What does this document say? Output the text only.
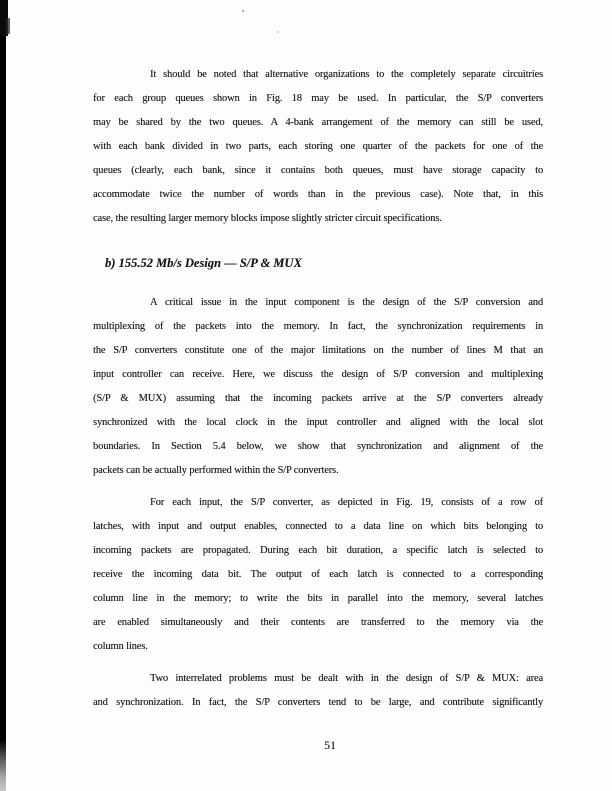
It should be noted that alternative organizations to the completely separate circuitries
for each group queues shown in Fig. 18 may be used. In particular, the S/P converters
may be shared by the two queues. A 4-bank arrangement of the memory can still be used,
with each bank divided in two parts, each storing one quarter of the packets for one of the
queues (clearly, each bank, since it contains both queues, must have storage capacity to
accommodate twice the number of words than in the previous case). Note that, in this
case, the resulting larger memory blocks impose slightly stricter circuit specifications.
b) 155.52 Mb/s Design — S/P & MUX
A critical issue in the input component is the design of the S/P conversion and
multiplexing of the packets into the memory. In fact, the synchronization requirements in
the S/P converters constitute one of the major limitations on the number of lines M that an
input controller can receive. Here, we discuss the design of S/P conversion and multiplexing
(S/P & MUX) assuming that the incoming packets arrive at the S/P converters already
synchronized with the local clock in the input controller and aligned with the local slot
boundaries. In Section 5.4 below, we show that synchronization and alignment of the
packets can be actually performed within the S/P converters.
For each input, the S/P converter, as depicted in Fig. 19, consists of a row of
latches, with input and output enables, connected to a data line on which bits belonging to
incoming packets are propagated. During each bit duration, a specific latch is selected to
receive the incoming data bit. The output of each latch is connected to a corresponding
column line in the memory; to write the bits in parallel into the memory, several latches
are enabled simultaneously and their contents are transferred to the memory via the
column lines.
Two interrelated problems must be dealt with in the design of S/P & MUX: area
and synchronization. In fact, the S/P converters tend to be large, and contribute significantly
51
